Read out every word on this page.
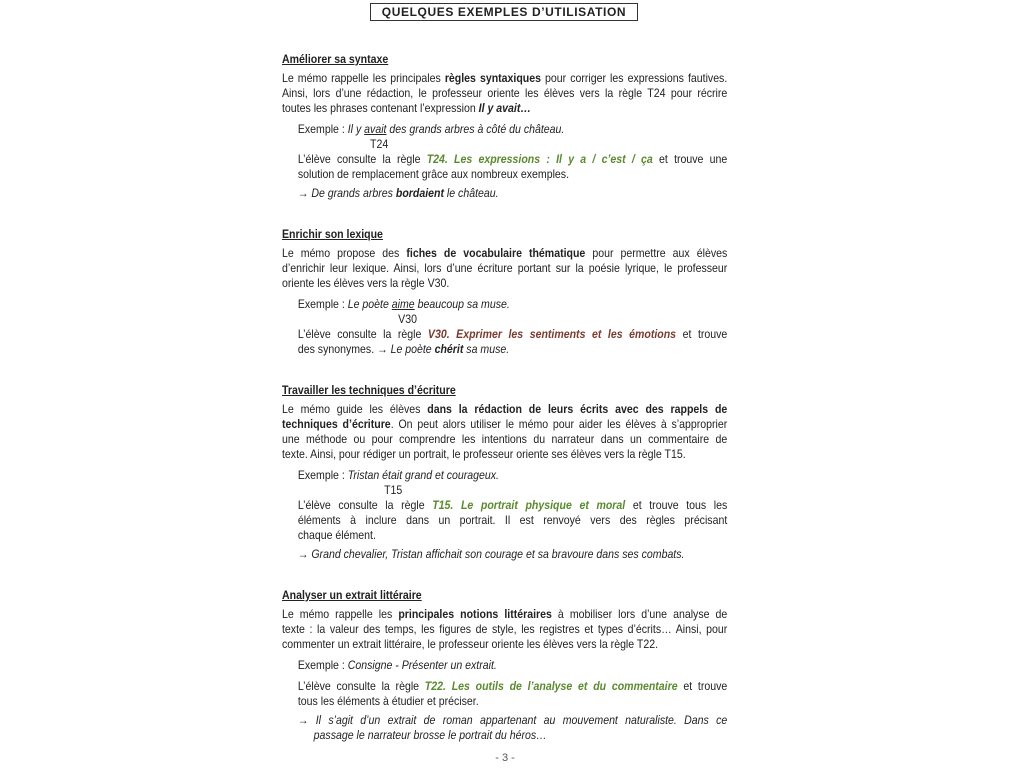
QUELQUES EXEMPLES D’UTILISATION
Améliorer sa syntaxe
Le mémo rappelle les principales règles syntaxiques pour corriger les expressions fautives.
Ainsi, lors d’une rédaction, le professeur oriente les élèves vers la règle T24 pour récrire
toutes les phrases contenant l’expression Il y avait…
Exemple : Il y avait des grands arbres à côté du château.
T24
L’élève consulte la règle T24. Les expressions : Il y a / c’est / ça et trouve une
solution de remplacement grâce aux nombreux exemples.
→ De grands arbres bordaient le château.
Enrichir son lexique
Le mémo propose des fiches de vocabulaire thématique pour permettre aux élèves
d’enrichir leur lexique. Ainsi, lors d’une écriture portant sur la poésie lyrique, le professeur
oriente les élèves vers la règle V30.
Exemple : Le poète aime beaucoup sa muse.
V30
L’élève consulte la règle V30. Exprimer les sentiments et les émotions et trouve
des synonymes. → Le poète chérit sa muse.
Travailler les techniques d’écriture
Le mémo guide les élèves dans la rédaction de leurs écrits avec des rappels de
techniques d’écriture. On peut alors utiliser le mémo pour aider les élèves à s’approprier
une méthode ou pour comprendre les intentions du narrateur dans un commentaire de
texte. Ainsi, pour rédiger un portrait, le professeur oriente ses élèves vers la règle T15.
Exemple : Tristan était grand et courageux.
T15
L’élève consulte la règle T15. Le portrait physique et moral et trouve tous les
éléments à inclure dans un portrait. Il est renvoyé vers des règles précisant
chaque élément.
→ Grand chevalier, Tristan affichait son courage et sa bravoure dans ses combats.
Analyser un extrait littéraire
Le mémo rappelle les principales notions littéraires à mobiliser lors d’une analyse de
texte : la valeur des temps, les figures de style, les registres et types d’écrits… Ainsi, pour
commenter un extrait littéraire, le professeur oriente les élèves vers la règle T22.
Exemple : Consigne - Présenter un extrait.
L’élève consulte la règle T22. Les outils de l’analyse et du commentaire et trouve
tous les éléments à étudier et préciser.
→ Il s’agit d’un extrait de roman appartenant au mouvement naturaliste. Dans ce
passage le narrateur brosse le portrait du héros…
- 3 -
